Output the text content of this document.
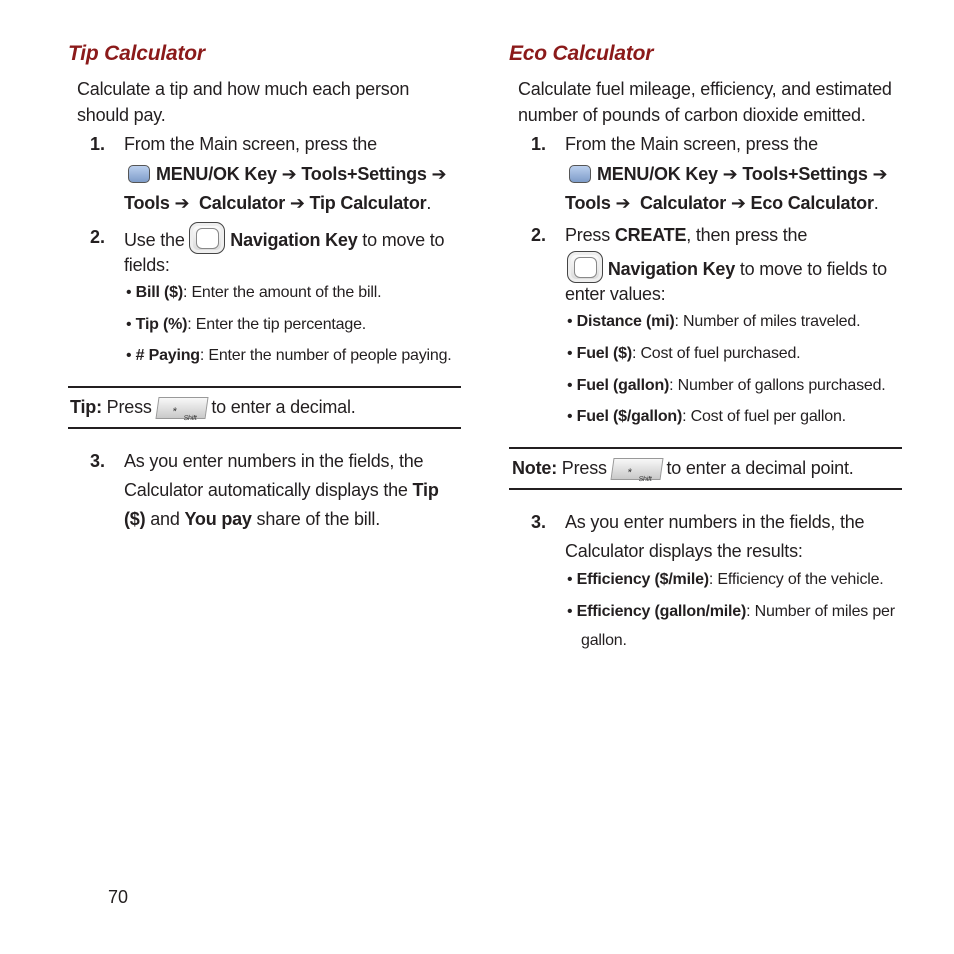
Tip Calculator
Calculate a tip and how much each person
should pay.
1. From the Main screen, press the
MENU/OK Key ➔ Tools+Settings ➔
Tools ➔ Calculator ➔ Tip Calculator.
2. Use the	Navigation Key to move to
fields:
• Bill ($): Enter the amount of the bill.
• Tip (%): Enter the tip percentage.
• # Paying: Enter the number of people paying.
Tip: Press *
Shift
to enter a decimal.
3. As you enter numbers in the fields, the
Calculator automatically displays the Tip
($) and You pay share of the bill.
Eco Calculator
Calculate fuel mileage, efficiency, and estimated
number of pounds of carbon dioxide emitted.
1. From the Main screen, press the
MENU/OK Key ➔ Tools+Settings ➔
Tools ➔ Calculator ➔ Eco Calculator.
2. Press CREATE, then press the
Navigation Key to move to fields to
enter values:
• Distance (mi): Number of miles traveled.
• Fuel ($): Cost of fuel purchased.
• Fuel (gallon): Number of gallons purchased.
• Fuel ($/gallon): Cost of fuel per gallon.
Note: Press *
Shift
to enter a decimal point.
3. As you enter numbers in the fields, the
Calculator displays the results:
• Efficiency ($/mile): Efficiency of the vehicle.
• Efficiency (gallon/mile): Number of miles per
gallon.
70
